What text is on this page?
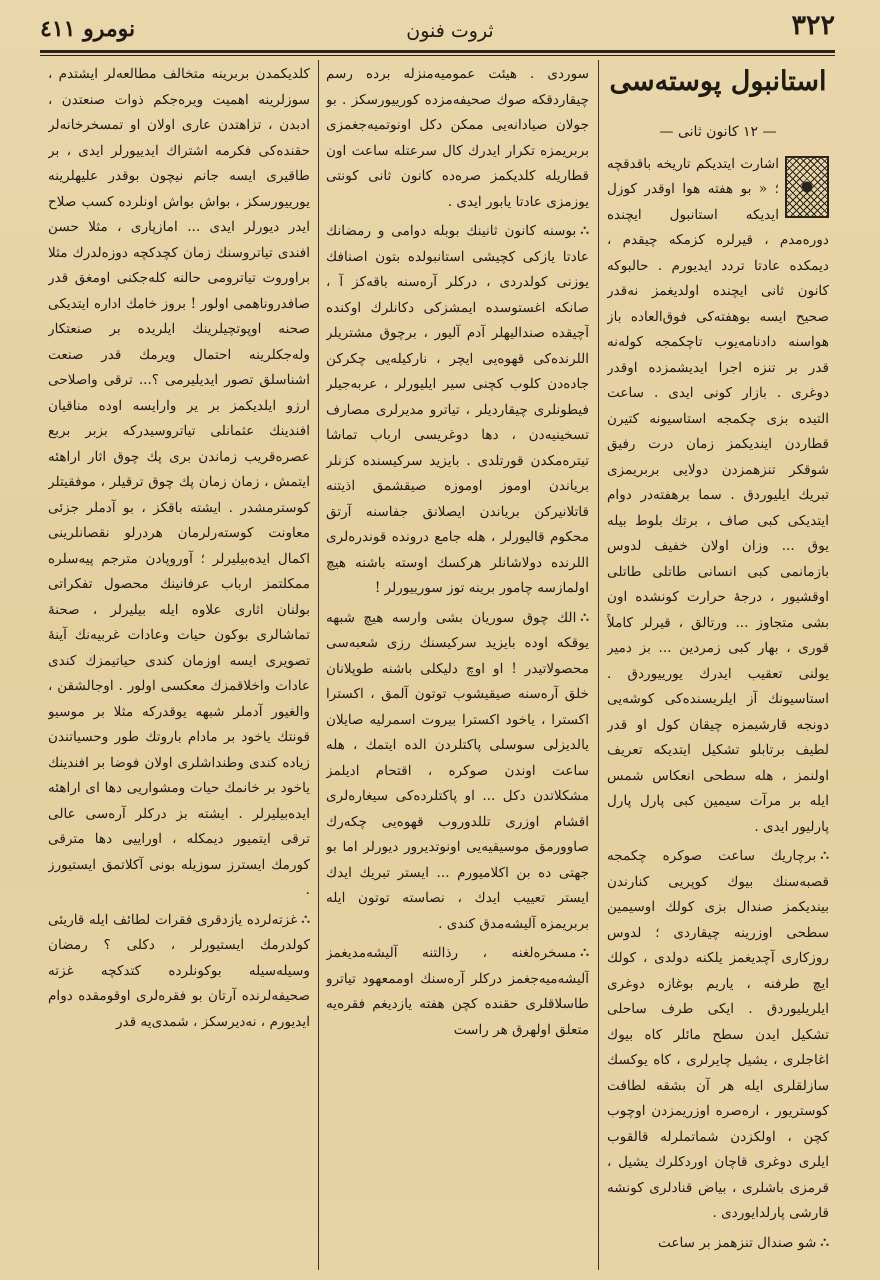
٣٢٢
ثروت فنون
نومرو ٤١١
استانبول پوسته‌سی
— ١٢ كانون ثانی —

اشارت ایتدیكم تاریخه باقدقچه ؛ « بو هفته هوا اوقدر كوزل ایدیكه استانبول ایچنده دوره‌مدم ، قیرلره كزمكه چیقدم ، دیمكده عادتا تردد ایدیورم . حالبوكه كانون ثانی ایچنده اولدیغمز نه‌قدر صحیح ایسه بوهفته‌كی فوق‌العاده باز هواسنه دادنامه‌یوب تاچكمجه كوله‌نه قدر بر تنزه اجرا ایدیشمزده اوقدر دوغری . بازار كونی ایدی . ساعت التیده بزی چكمجه استاسیونه كتیرن قطاردن اینديكمز زمان درت رفیق شوقکر تنزهمزدن دولایی بربریمزی تبریك ایلیوردق . سما برهفته‌در دوام ایتدیكی كبی صاف ، برتك بلوط بیله یوق ... وزان اولان خفیف لدوس بازمانمی كبی انسانی طاتلی طاتلی اوقشیور ، درجهٔ حرارت كونشده اون بشی متجاوز ... ورتالق ، قیرلر كاملاً قوری ، بهار كبی زمردین ... بز دمیر یولنی تعقیب ایدرك یورییوردق . استاسیونك آز ایلریسنده‌كی كوشه‌یی دونجه قارشیمزه چیقان كول او قدر لطیف برتابلو تشكیل ایتدیكه تعریف اولنمز ، هله سطحی انعكاس شمس ایله بر مرآت سیمین كبی پارل پارل پارلیور ایدی .

∴برچاریك ساعت صوكره چكمجه قصبه‌سنك بیوك كوپریی كنارندن بیندیكمز صندال بزی كولك اوسیمین سطحی اوزرینه چیقاردی ؛ لدوس روزكاری آچدیغمز یلكنه دولدی ، كولك ایچ طرفنه ، یاریم بوغازه دوغری ایلریلیوردق . ایكی طرف ساحلی تشكیل ایدن سطح مائلر كاه بیوك اغاجلری ، یشیل چایرلری ، كاه یوكسك سازلقلری ایله هر آن بشقه لطافت كوستریور ، اره‌صره اوزریمزدن اوچوب كچن ، اولكزدن شماتملرله قالقوب ایلری دوغری قاچان اوردكلرك یشیل ، قرمزی باشلری ، بیاض قنادلری كونشه قارشی پارلدایوردی .

∴شو صندال تنزهمز بر ساعت

سوردی . هیئت عمومیه‌منزله برده رسم چیقاردقكه صوك صحیفه‌مزده كورییورسكز . بو جولان صیادانه‌یی ممكن دكل اونوتمیه‌جغمزی بربریمزه تكرار ایدرك كال سرعتله ساعت اون قطاریله كلدیكمز صره‌ده كانون ثانی كونتی یوزمزی عادتا یابور ایدی .

∴بوسنه كانون ثانینك بوبله دوامی و رمضانك عادتا یازكی كچیشی استانبولده بتون اصنافك یوزنی كولدردی ، دركلر آره‌سنه باقه‌كز آ ، صانكه اغستوسده ایمشزكی دكانلرك اوكنده آچیقده صندالیهلر آدم آلیور ، برچوق مشتریلر اللرنده‌كی قهوه‌یی ایچر ، نارکیله‌یی چكركن جاده‌دن كلوب كچنی سیر ایلیورلر ، عربه‌جیلر فیطونلری چیقاردیلر ، تیاترو مدیرلری مصارف تسخینیه‌دن ، دها دوغریسی ارباب تماشا تیتره‌مكدن قورتلدی . بایزید سركیسنده كزنلر بریاندن اوموز اوموزه صیقشمق اذیتنه قاتلانیركن بریاندن ایصلانق جفاسنه آرتق محكوم قالیورلر ، هله جامع درونده قوندره‌لری اللرنده دولاشانلر هركسك اوسته باشنه هیچ اولمازسه چامور برینه توز سورییورلر !

∴الك چوق سوریان بشی وارسه هیچ شبهه یوقكه اوده بایزید سركیسنك رزی شعبه‌سی محصولاتیدر ! او اوچ دلیكلی باشنه طوپلانان خلق آره‌سنه صیقیشوب توتون آلمق ، اكسترا اكسترا ، یاخود اكسترا بیروت اسمرلیه صایلان یالدیزلی سوسلی پاكتلردن الده ایتمك ، هله ساعت اوندن صوكره ، اقتحام ادیلمز مشكلاتدن دكل ... او پاكتلرده‌كی سیغاره‌لری اقشام اوزری تللدوروب قهوه‌یی چكه‌رك صاوورمق موسیقیه‌یی اونوتدیرور دیورلر اما بو جهتی ده بن اكلامیورم ... ایستر تبریك ایدك ایستر تعییب ایدك ، نصاسته توتون ایله بربریمزه آلیشه‌مدق كندی .

∴مسخره‌لغنه ، رذالتنه آلیشه‌مدیغمز آلیشه‌میه‌جغمز دركلر آره‌سنك اوممعهود تیاترو طاسلاقلری حقنده كچن هفته یازدیغم فقره‌یه متعلق اولهرق هر راست

كلدیكمدن بربرینه متخالف مطالعه‌لر ایشتدم ، سوزلرینه اهمیت ویره‌جكم ذوات صنعتدن ، ادبدن ، تزاهتدن عاری اولان او تمسخرخانه‌لر حقنده‌كی فكرمه اشتراك ایدییورلر ایدی ، بر طاقیری ایسه جانم نیچون بوقدر علیهلرینه یورییورسكز ، بواش بواش اونلرده كسب صلاح ایدر دیورلر ایدی ... امازپاری ، مثلا حسن افندی تیاتروسنك زمان كچدكچه دوزه‌لدرك مثلا براوروت تیاترومی حالنه كله‌جكنی اومغق قدر صافدروناهمی اولور ! بروز خامك اداره ایتدیكی صحنه اوپوتچیلرینك ایلریده بر صنعتكار وله‌جكلرینه احتمال ویرمك قدر صنعت اشناسلق تصور ایدیلیرمی ؟... ترقی واصلاحی ارزو ایلدیكمز بر یر وارایسه اوده مناقیان افندینك عثمانلی تیاتروسیدركه بزبر بربع عصره‌قریب زماندن بری پك چوق اثار اراهئه ایتمش ، زمان زمان پك چوق ترقیلر ، موفقیتلر كوسترمشدر . ایشته باقكز ، بو آدملر جزئی معاونت كوسته‌رلرمان هردرلو نقصانلرینی اكمال ایده‌بیلیرلر ؛ آوروپادن مترجم پیه‌سلره ممكلتمز ارباب عرفانینك محصول تفكراتی بولنان اثاری علاوه ایله بیلیرلر ، صحنهٔ تماشالری بوكون حیات وعادات غربیه‌نك آینهٔ تصویری ایسه اوزمان كندی حیاتیمزك كندی عادات واخلاقمزك معكسی اولور . اوجالشقن ، والغیور آدملر شبهه یوقدركه مثلا بر موسیو قونتك یاخود بر مادام باروتك طور وحسیاتندن زیاده كندی وطنداشلری اولان فوضا بر افندینك یاخود بر خانمك حیات ومشواریی دها ای اراهئه ایده‌بیلیرلر . ایشته بز دركلر آره‌سی عالی ترقی ایتمیور دیمكله ، اوراییی دها مترقی كورمك ایسترز سوزیله بونی آكلاتمق ایستیورز .

∴غزته‌لرده یازدقری فقرات لطائف ایله قاریئی كولدرمك ایستیورلر ، دكلی ؟ رمضان وسیله‌سیله بوكونلرده كتدكچه غزته صحیفه‌لرنده آرتان بو فقره‌لری اوقومقده دوام ایدیورم ، نه‌دیرسكز ، شمدی‌یه قدر
